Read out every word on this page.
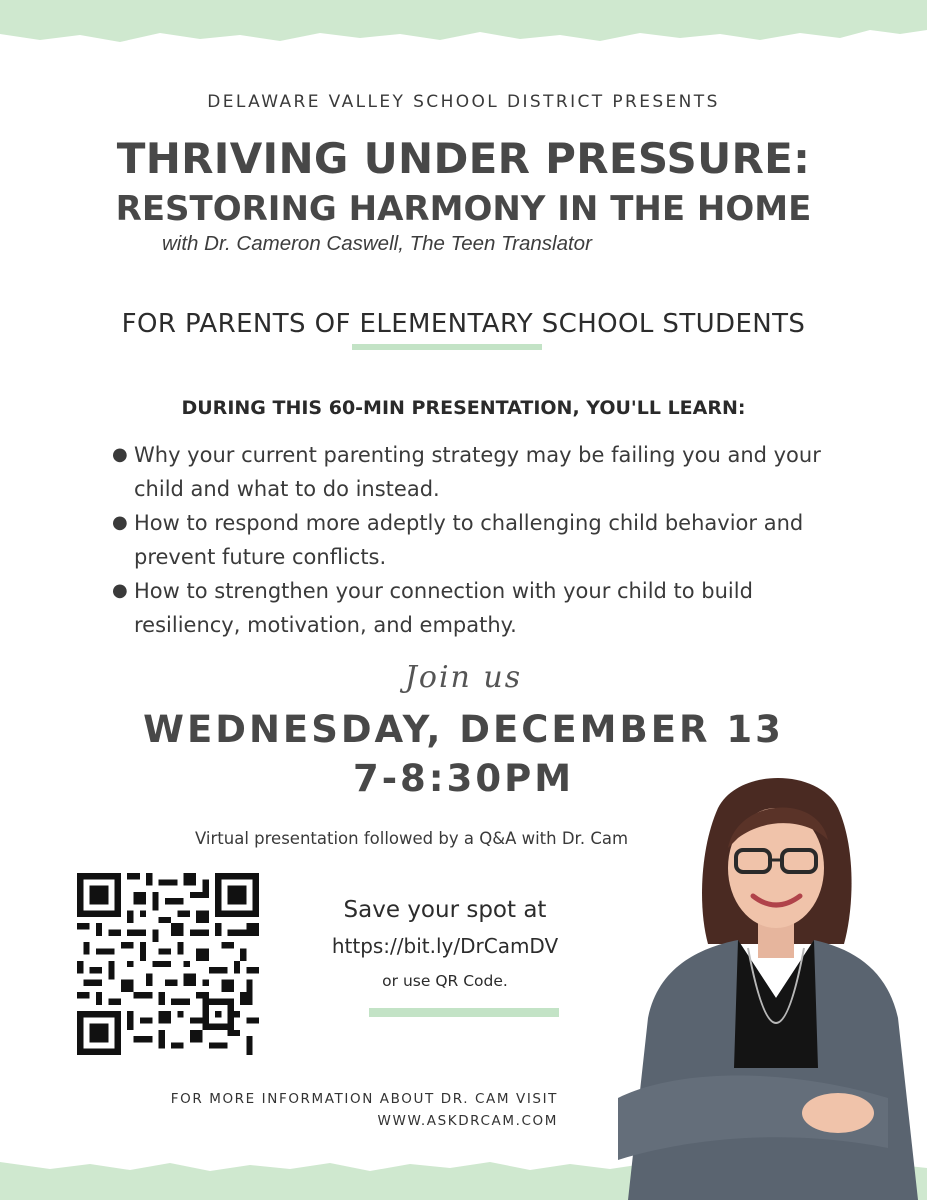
DELAWARE VALLEY SCHOOL DISTRICT PRESENTS
THRIVING UNDER PRESSURE:
RESTORING HARMONY IN THE HOME
with Dr. Cameron Caswell, The Teen Translator
FOR PARENTS OF ELEMENTARY SCHOOL STUDENTS
DURING THIS 60-MIN PRESENTATION, YOU'LL LEARN:
● Why your current parenting strategy may be failing you and your child and what to do instead.
● How to respond more adeptly to challenging child behavior and prevent future conflicts.
● How to strengthen your connection with your child to build resiliency, motivation, and empathy.
Join us
WEDNESDAY, DECEMBER 13
7-8:30PM
Virtual presentation followed by a Q&A with Dr. Cam
Save your spot at
https://bit.ly/DrCamDV
or use QR Code.
FOR MORE INFORMATION ABOUT DR. CAM VISIT
WWW.ASKDRCAM.COM
